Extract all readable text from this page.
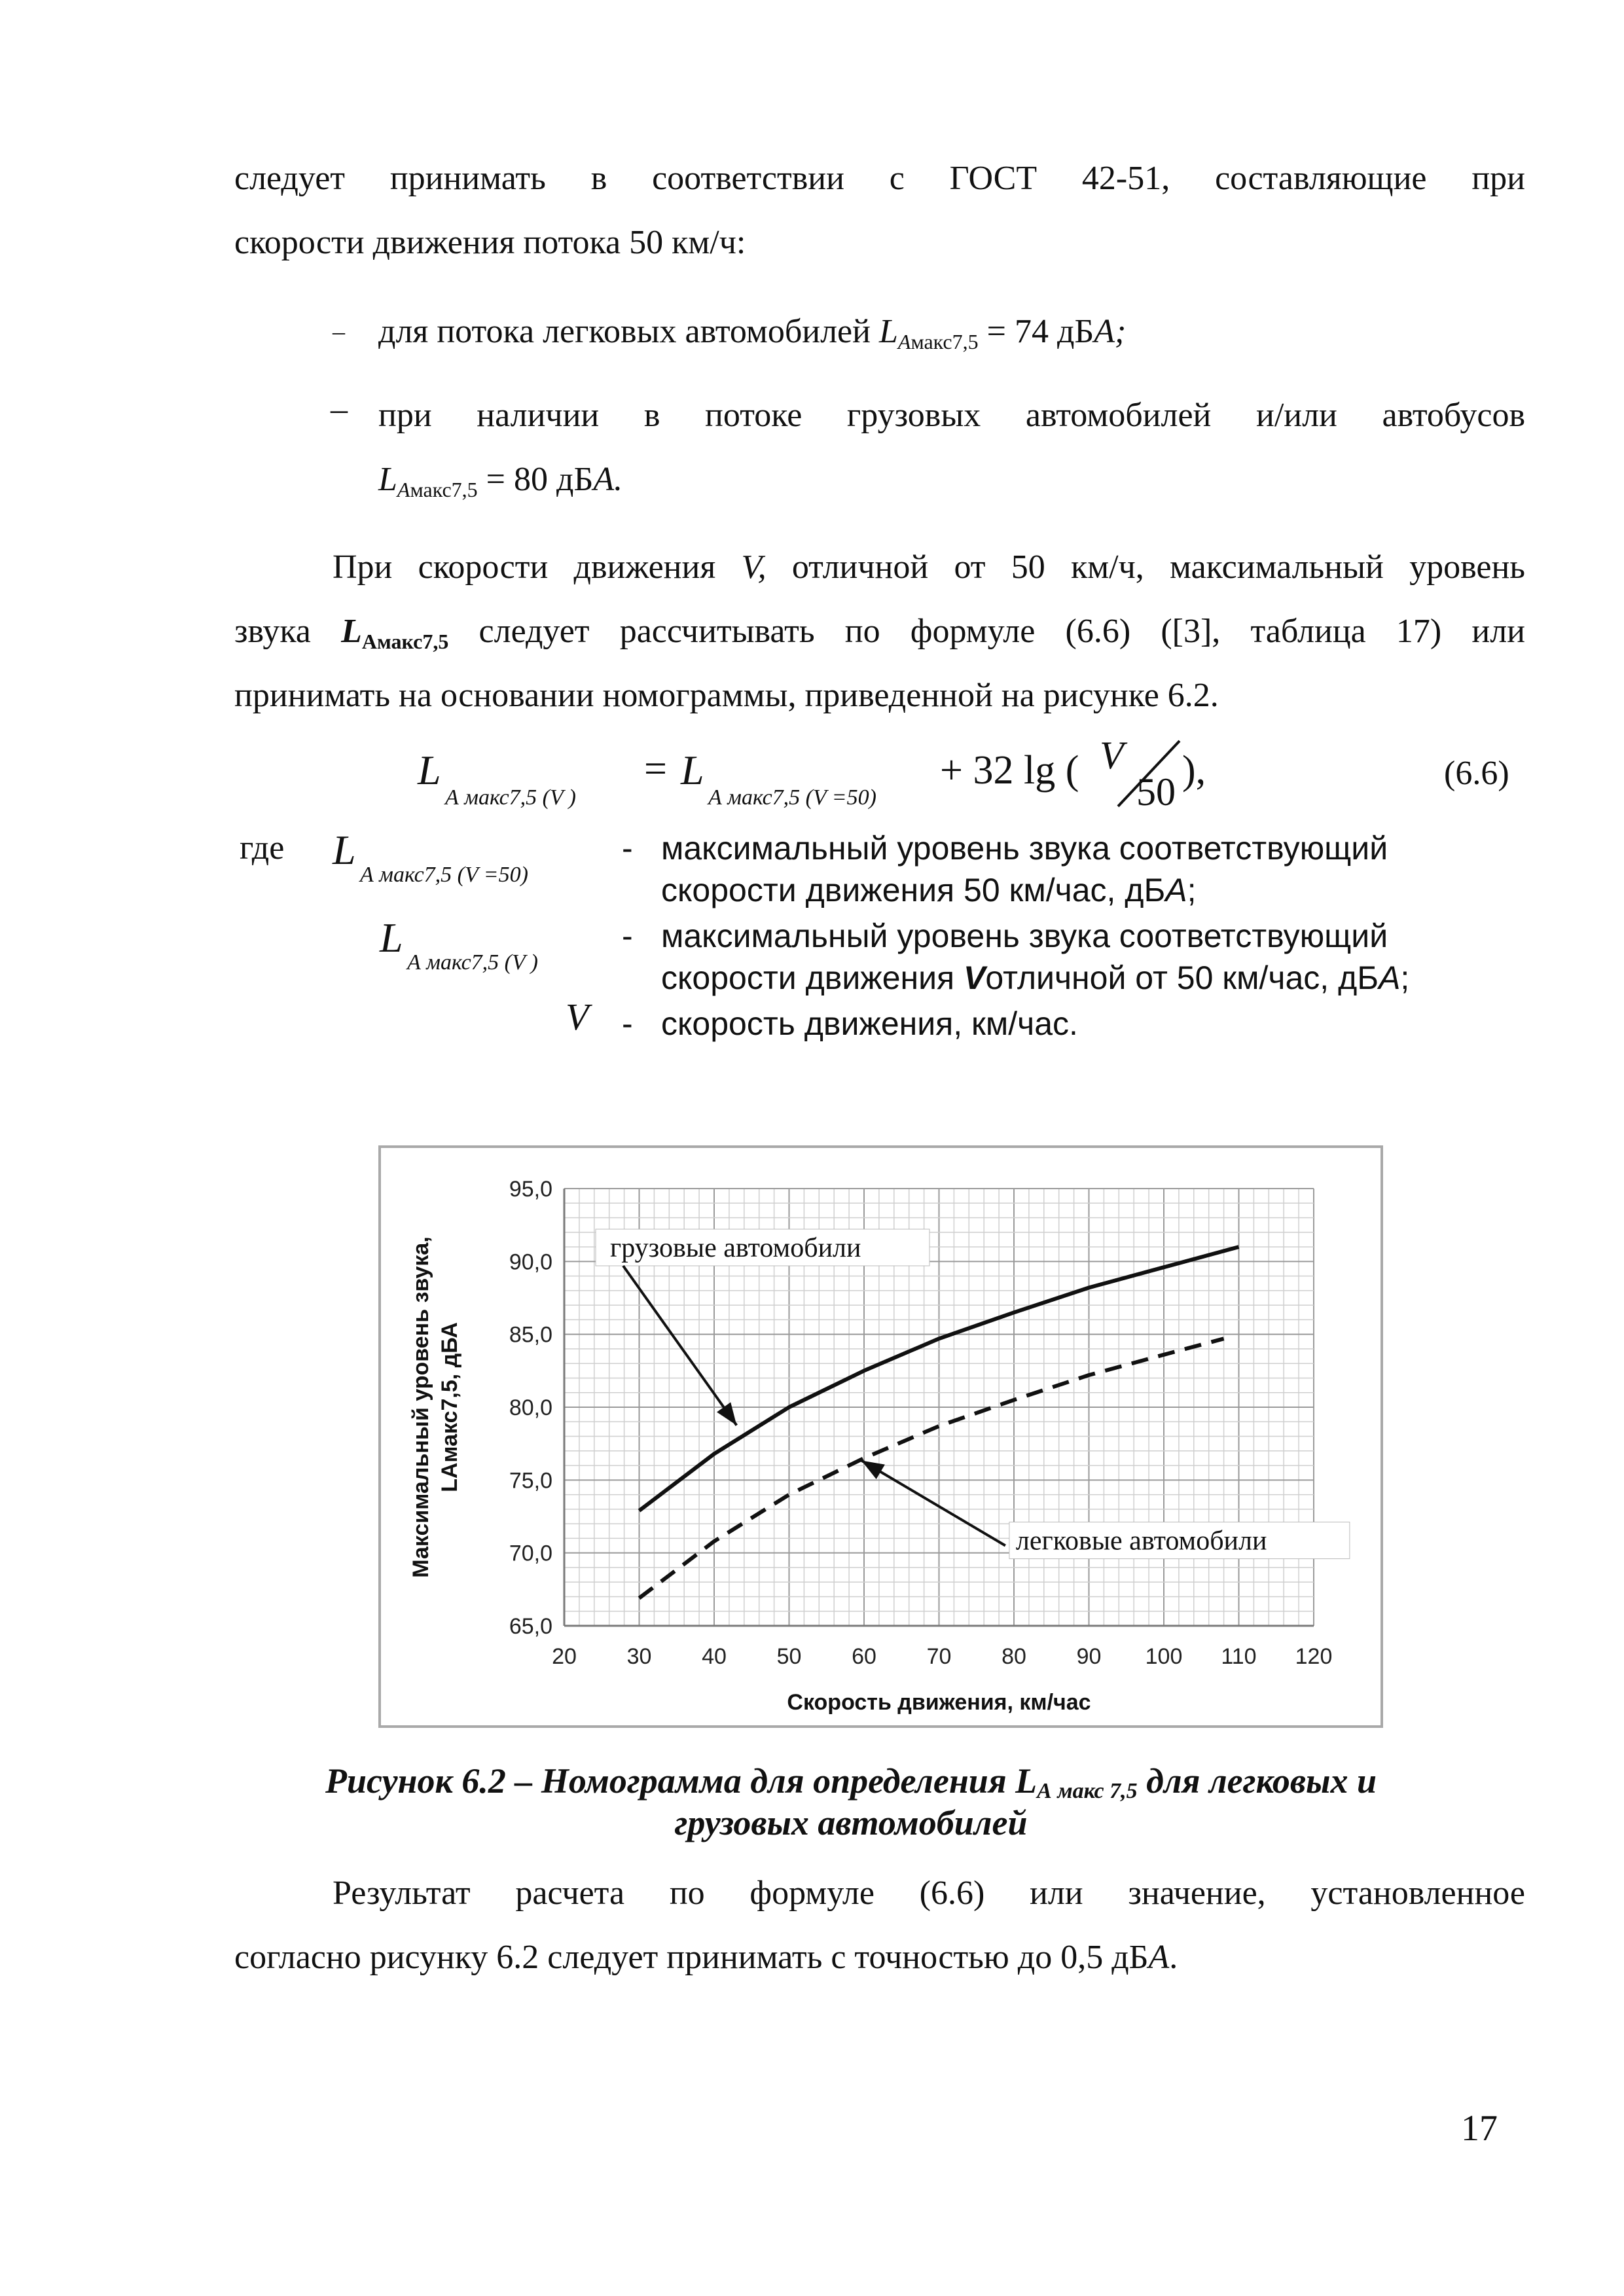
следует принимать в соответствии с ГОСТ 42-51, составляющие при
скорости движения потока 50 км/ч:
– для потока легковых автомобилей $L_{Aмакс7,5} = 74$ дБA;
– при наличии в потоке грузовых автомобилей и/или автобусов
$L_{Aмакс7,5} = 80$ дБA.
При скорости движения V, отличной от 50 км/ч, максимальный уровень
звука $L_{Амакс7,5}$ следует рассчитывать по формуле (6.6) ([3], таблица 17) или
принимать на основании номограммы, приведенной на рисунке 6.2.
L
А макс7,5 (V )
= L
А макс7,5 (V =50)
+ 32 lg ( V
50 ),	(6.6)
где L
А макс7,5 (V =50)
- максимальный уровень звука соответствующий
скорости движения 50 км/час, дБА;
L
А макс7,5 (V )
- максимальный уровень звука соответствующий
скорости движения Vотличной от 50 км/час, дБА;
V - скорость движения, км/час.
20 30 40 50 60 70 80 90 100 110 120
65,0
70,0
75,0
80,0
85,0
90,0
95,0
Скорость движения, км/час
Максимальный уровень звука, LАмакс7,5, дБА
грузовые автомобили
легковые автомобили
Рисунок 6.2 – Номограмма для определения $L_{А макс 7,5}$ для легковых и
грузовых автомобилей
Результат расчета по формуле (6.6) или значение, установленное
согласно рисунку 6.2 следует принимать с точностью до 0,5 дБА.
17
